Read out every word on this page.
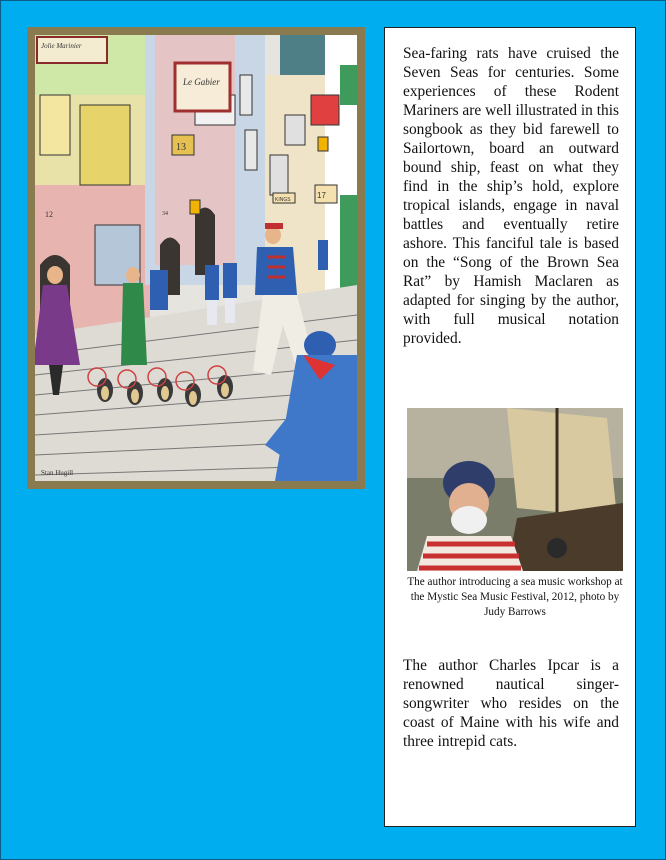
Jolie Marinier
Le Gabier
13
KINGS	17
12	34
Stan Hugill

Sea-faring rats have cruised the Seven Seas for centuries. Some experiences of these Rodent Mariners are well illustrated in this songbook as they bid farewell to Sailortown, board an outward bound ship, feast on what they find in the ship’s hold, explore tropical islands, engage in naval battles and eventually retire ashore. This fanciful tale is based on the “Song of the Brown Sea Rat” by Hamish Maclaren as adapted for singing by the author, with full musical notation provided.

The author introducing a sea music workshop at the Mystic Sea Music Festival, 2012, photo by Judy Barrows

The author Charles Ipcar is a renowned nautical singer-songwriter who resides on the coast of Maine with his wife and three intrepid cats.
